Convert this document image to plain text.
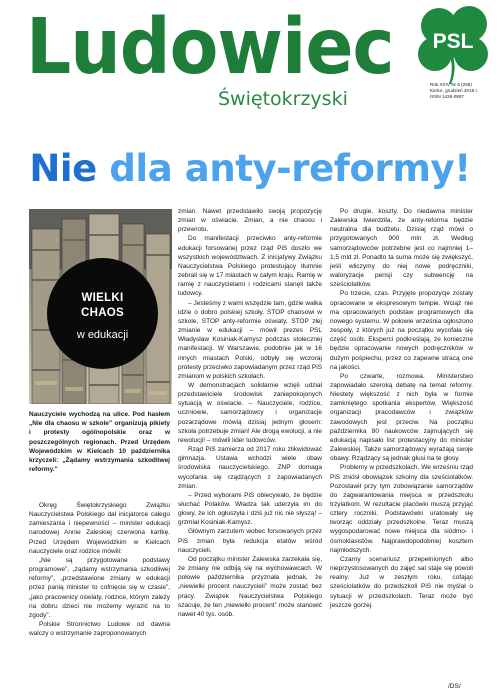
Ludowiec
Świętokrzyski
PSL
Rok XXIV Nr 5 (258)
Kielce, grudzień 2016 r.
ISSN 1426-0867
Nie dla anty-reformy!
WIELKI
CHAOS
w edukacji
Nauczyciele wychodzą na ulice. Pod hasłem „Nie dla chaosu w szkole” organizują pikiety i protesty ogólnopolskie oraz w poszczególnych regionach. Przed Urzędem Wojewódzkim w Kielcach 10 października krzyczeli: „Żądamy wstrzymania szkodliwej reformy.”

Okręg Świętokrzyskiego Związku Nauczycielstwa Polskiego dał inicjatorce całego zamieszania i niepewności – minister edukacji narodowej Annie Zaleskiej czerwona kartkę. Przed Urzędem Wojewódzkim w Kielcach nauczyciele oraz rodzice mówili:

„Nie są przygotowane podstawy programowe”, „żądamy wstrzymania szkodliwej reformy”, „przedstawione zmiany w edukacji przez panią minister to cofnięcie się w czasie”, „jako pracownicy oświaty, rodzice, którym zależy na dobru dzieci nie możemy wyrazić na to zgody”.

Polskie Stronnictwo Ludowe od dawna walczy o wstrzymanie zaproponowanych

zmian. Nawet przedstawiło swoją propozycję zmian w oświacie. Zmian, a nie chaosu i przewrotu.

Do manifestacji przeciwko anty-reformie edukacji forsowanej przez rząd PiS doszło we wszystkich województwach. Z inicjatywy Związku Nauczycielstwa Polskiego protestujący tłumnie zebrali się w 17 miastach w całym kraju. Ramię w ramię z nauczycielami i rodzicami stanęli także ludowcy.

– Jesteśmy z wami wszędzie tam, gdzie walka idzie o dobro polskiej szkoły. STOP chaosowi w szkole, STOP anty-reformie oświaty, STOP złej zmianie w edukacji – mówił prezes PSL Władysław Kosiniak-Kamysz podczas stołecznej manifestacji. W Warszawie, podobnie jak w 16 innych miastach Polski, odbyły się wczoraj protesty przeciwko zapowiadanym przez rząd PiS zmianom w polskich szkołach.

W demonstracjach solidarnie wzięli udział przedstawiciele środowisk zaniepokojonych sytuacją w oświacie. – Nauczyciele, rodzice, uczniowie, samorządowcy i organizacje pozarządowe mówią dzisiaj jednym głosem: szkoła potrzebuje zmian! Ale drogą ewolucji, a nie rewolucji! – mówili lider ludowców.

Rząd PiS zamierza od 2017 roku zlikwidować gimnazja. Ustawa wchodzi wiele obaw środowiska nauczycielskiego. ZNP domaga wycofania się rządzących z zapowiadanych zmian.

– Przed wyborami PiS obiecywało, że będzie słuchać Polaków. Władza tak uderzyła im do głowy, że ich ogłuszyła i dziś już nic nie słyszą! – grzmiał Kosiniak-Kamysz.

Głównym zarzutem wobec forsowanych przez PiS zmian była redukcja etatów wśród nauczycieli.

Od początku minister Zalewska zarzekała się, że zmiany nie odbiją się na wychowawcach. W połowie października przyznała jednak, że „niewielki procent nauczycieli” może zostać bez pracy. Związek Nauczycielstwa Polskiego szacuje, że ten „niewielki procent” może stanowić nawet 40 tys. osób.

Po drugie, koszty. Do niedawna minister Zalewska twierdziła, że anty-reforma będzie neutralna dla budżetu. Dzisiaj rząd mówi o przygotowanych 900 mln zł. Według samorządowców potrzebne jest co najmniej 1–1,5 mld zł. Ponadto ta suma może się zwiększyć, jeśli wliczymy do niej nowe podręczniki, waloryzacje pensji czy subwencję na sześciolatków.

Po trzecie, czas. Przyjęte propozycje zostały opracowane w ekspresowym tempie. Wciąż nie ma opracowanych podstaw programowych dla nowego systemu. W połowie września ogłoszono zespoły, z których już na początku wycofała się część osób. Eksperci podkreślają, że konieczne będzie opracowanie nowych podręczników w dużym pośpiechu, przez co zapewne stracą one na jakości.

Po czwarte, rozmowa. Ministerstwo zapowiadało szeroką debatę na temat reformy. Niestety większość z nich była w formie zamkniętego spotkania ekspertów. Większość organizacji pracodawców i związków zawodowych jest przeciw. Na początku października 80 naukowców zajmujących się edukacją napisało list protestacyjny do minister Zalewskiej. Także samorządowcy wyrażają swoje obawy. Rządzący są jednak głusi na te głosy.

Problemy w przedszkolach. We wrześniu rząd PiS zniósł obowiązek szkolny dla sześciolatków. Pozostawił przy tym zobowiązanie samorządów do zagwarantowania miejsca w przedszkolu trzylatkom. W rezultacie placówki muszą przyjąć cztery roczniki. Podstawówki uratowały się tworząc oddziały przedszkolne. Teraz muszą wygospodarować nowe miejsca dla siódmo- i ósmoklasistów. Najprawdopodobniej kosztem najmłodszych.

Czarny scenariusz przepełnionych albo nieprzystosowanych do zajęć sal staje się powoli realny. Już w zeszłym roku, cofając sześciolatków do przedszkoli PiS nie myślał o sytuacji w przedszkolach. Teraz może być jeszcze gorzej.

/DS/
